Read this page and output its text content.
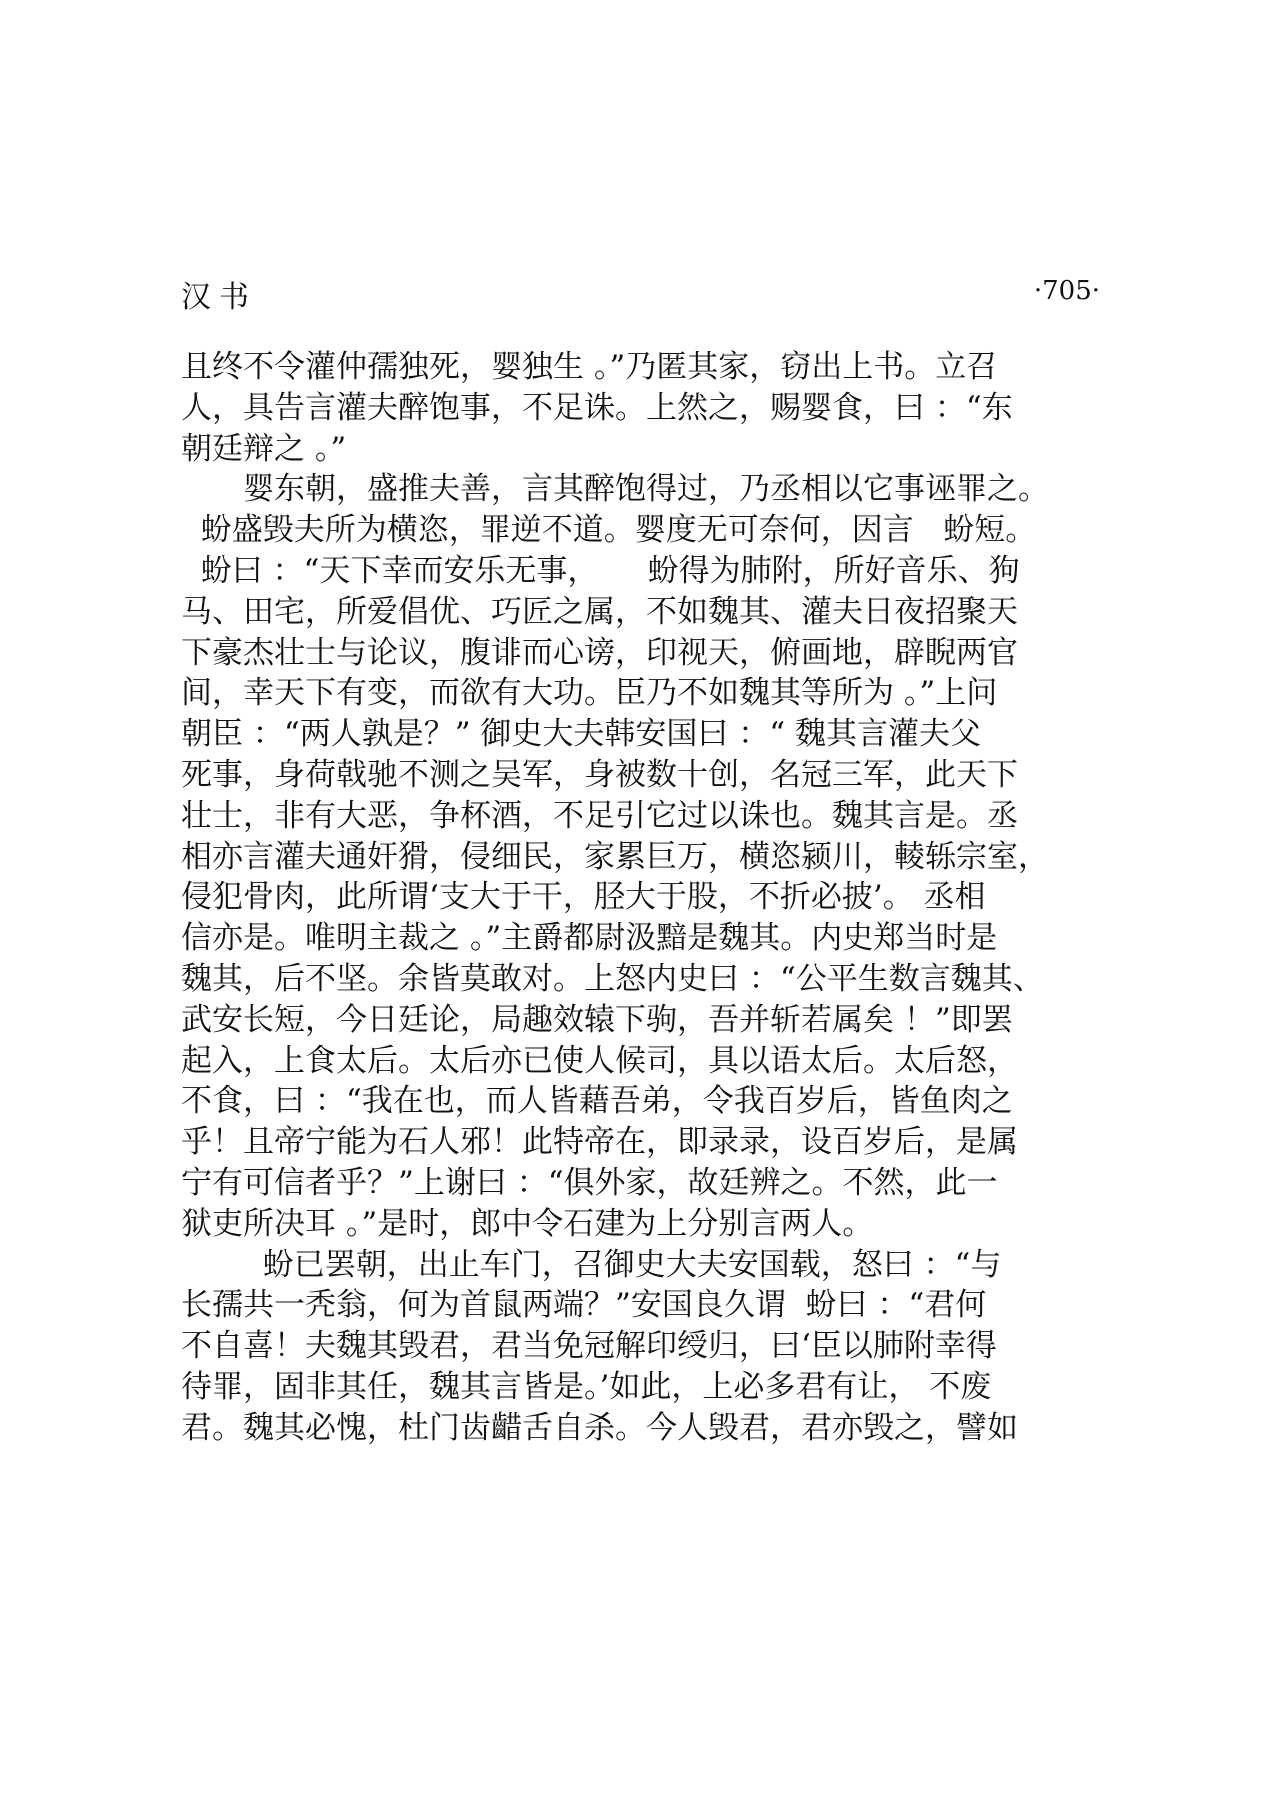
汉书	·705·
且终不令灌仲孺独死，婴独生 。”乃匿其家，窃出上书。立召
人，具告言灌夫醉饱事，不足诛。上然之，赐婴食，曰 ：“东
朝廷辩之 。”
　　婴东朝，盛推夫善，言其醉饱得过，乃丞相以它事诬罪之。
蚡盛毁夫所为横恣，罪逆不道。婴度无可奈何，因言   蚡短。
蚡曰 ：“天下幸而安乐无事，     蚡得为肺附，所好音乐、狗
马、田宅，所爱倡优、巧匠之属，不如魏其、灌夫日夜招聚天
下豪杰壮士与论议，腹诽而心谤，印视天，俯画地，辟睨两官
间，幸天下有变，而欲有大功。臣乃不如魏其等所为 。”上问
朝臣 ：“两人孰是？” 御史大夫韩安国曰 ：“ 魏其言灌夫父
死事，身荷戟驰不测之吴军，身被数十创，名冠三军，此天下
壮士，非有大恶，争杯酒，不足引它过以诛也。魏其言是。丞
相亦言灌夫通奸猾，侵细民，家累巨万，横恣颍川，輘轹宗室，
侵犯骨肉，此所谓‘支大于干，胫大于股，不折必披’。 丞相
信亦是。唯明主裁之 。”主爵都尉汲黯是魏其。内史郑当时是
魏其，后不坚。余皆莫敢对。上怒内史曰 ：“公平生数言魏其、
武安长短，今日廷论，局趣效辕下驹，吾并斩若属矣 ！”即罢
起入，上食太后。太后亦已使人候司，具以语太后。太后怒，
不食，曰 ：“我在也，而人皆藉吾弟，令我百岁后，皆鱼肉之
乎！且帝宁能为石人邪！此特帝在，即录录，设百岁后，是属
宁有可信者乎？”上谢曰 ：“俱外家，故廷辨之。不然，此一
狱吏所决耳 。”是时，郎中令石建为上分别言两人。
　　  蚡已罢朝，出止车门，召御史大夫安国载，怒曰 ：“与
长孺共一秃翁，何为首鼠两端？”安国良久谓  蚡曰 ：“君何
不自喜！夫魏其毁君，君当免冠解印绶归，曰‘臣以肺附幸得
待罪，固非其任，魏其言皆是。’如此，上必多君有让， 不废
君。魏其必愧，杜门齿齰舌自杀。今人毁君，君亦毁之，譬如
